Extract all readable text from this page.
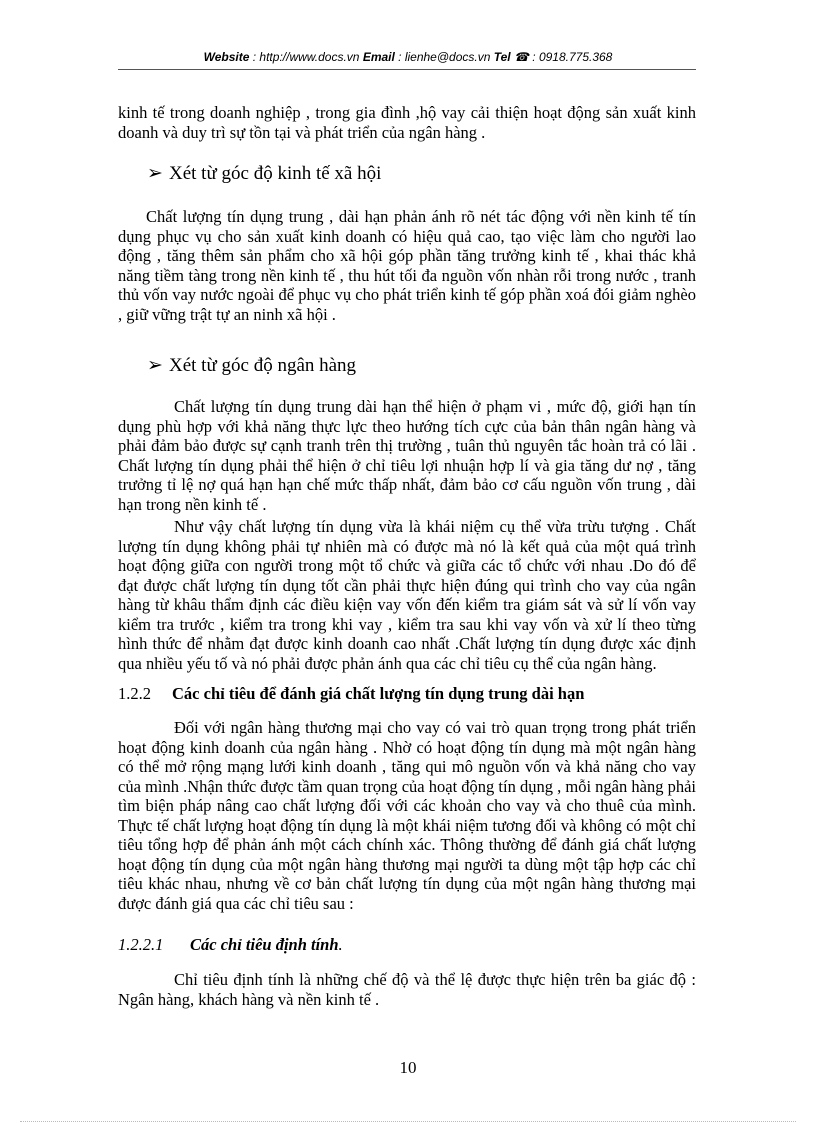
Website : http://www.docs.vn Email : lienhe@docs.vn Tel ☎ : 0918.775.368

kinh tế trong doanh nghiệp , trong gia đình ,hộ vay cải thiện hoạt động sản xuất kinh doanh và duy trì sự tồn tại và phát triển của ngân hàng .

➢ Xét từ góc độ kinh tế xã hội

Chất lượng tín dụng trung , dài hạn phản ánh rõ nét tác động với nền kinh tế tín dụng phục vụ cho sản xuất kinh doanh có hiệu quả cao, tạo việc làm cho người lao động , tăng thêm sản phẩm cho xã hội góp phần tăng trưởng kinh tế , khai thác khả năng tiềm tàng trong nền kinh tế , thu hút tối đa nguồn vốn nhàn rỗi trong nước , tranh thủ vốn vay nước ngoài để phục vụ cho phát triển kinh tế góp phần xoá đói giảm nghèo , giữ vững trật tự an ninh xã hội .

➢ Xét từ góc độ ngân hàng

Chất lượng tín dụng trung dài hạn thể hiện ở phạm vi , mức độ, giới hạn tín dụng phù hợp với khả năng thực lực theo hướng tích cực của bản thân ngân hàng và phải đảm bảo được sự cạnh tranh trên thị trường , tuân thủ nguyên tắc hoàn trả có lãi . Chất lượng tín dụng phải thể hiện ở chỉ tiêu lợi nhuận hợp lí và gia tăng dư nợ , tăng trưởng tỉ lệ nợ quá hạn hạn chế mức thấp nhất, đảm bảo cơ cấu nguồn vốn trung , dài hạn trong nền kinh tế .

Như vậy chất lượng tín dụng vừa là khái niệm cụ thể vừa trừu tượng . Chất lượng tín dụng không phải tự nhiên mà có được mà nó là kết quả của một quá trình hoạt động giữa con người trong một tổ chức và giữa các tổ chức với nhau .Do đó để đạt được chất lượng tín dụng tốt cần phải thực hiện đúng qui trình cho vay của ngân hàng từ khâu thẩm định các điều kiện vay vốn đến kiểm tra giám sát và sử lí vốn vay kiểm tra trước , kiểm tra trong khi vay , kiểm tra sau khi vay vốn và xử lí theo từng hình thức để nhằm đạt được kinh doanh cao nhất .Chất lượng tín dụng được xác định qua nhiều yếu tố và nó phải được phản ánh qua các chỉ tiêu cụ thể của ngân hàng.

1.2.2 Các chỉ tiêu để đánh giá chất lượng tín dụng trung dài hạn

Đối với ngân hàng thương mại cho vay có vai trò quan trọng trong phát triển hoạt động kinh doanh của ngân hàng . Nhờ có hoạt động tín dụng mà một ngân hàng có thể mở rộng mạng lưới kinh doanh , tăng qui mô nguồn vốn và khả năng cho vay của mình .Nhận thức được tầm quan trọng của hoạt động tín dụng , mỗi ngân hàng phải tìm biện pháp nâng cao chất lượng đối với các khoản cho vay và cho thuê của mình. Thực tế chất lượng hoạt động tín dụng là một khái niệm tương đối và không có một chỉ tiêu tổng hợp để phản ánh một cách chính xác. Thông thường để đánh giá chất lượng hoạt động tín dụng của một ngân hàng thương mại người ta dùng một tập hợp các chỉ tiêu khác nhau, nhưng về cơ bản chất lượng tín dụng của một ngân hàng thương mại được đánh giá qua các chỉ tiêu sau :

1.2.2.1 Các chỉ tiêu định tính.

Chỉ tiêu định tính là những chế độ và thể lệ được thực hiện trên ba giác độ : Ngân hàng, khách hàng và nền kinh tế .

10
